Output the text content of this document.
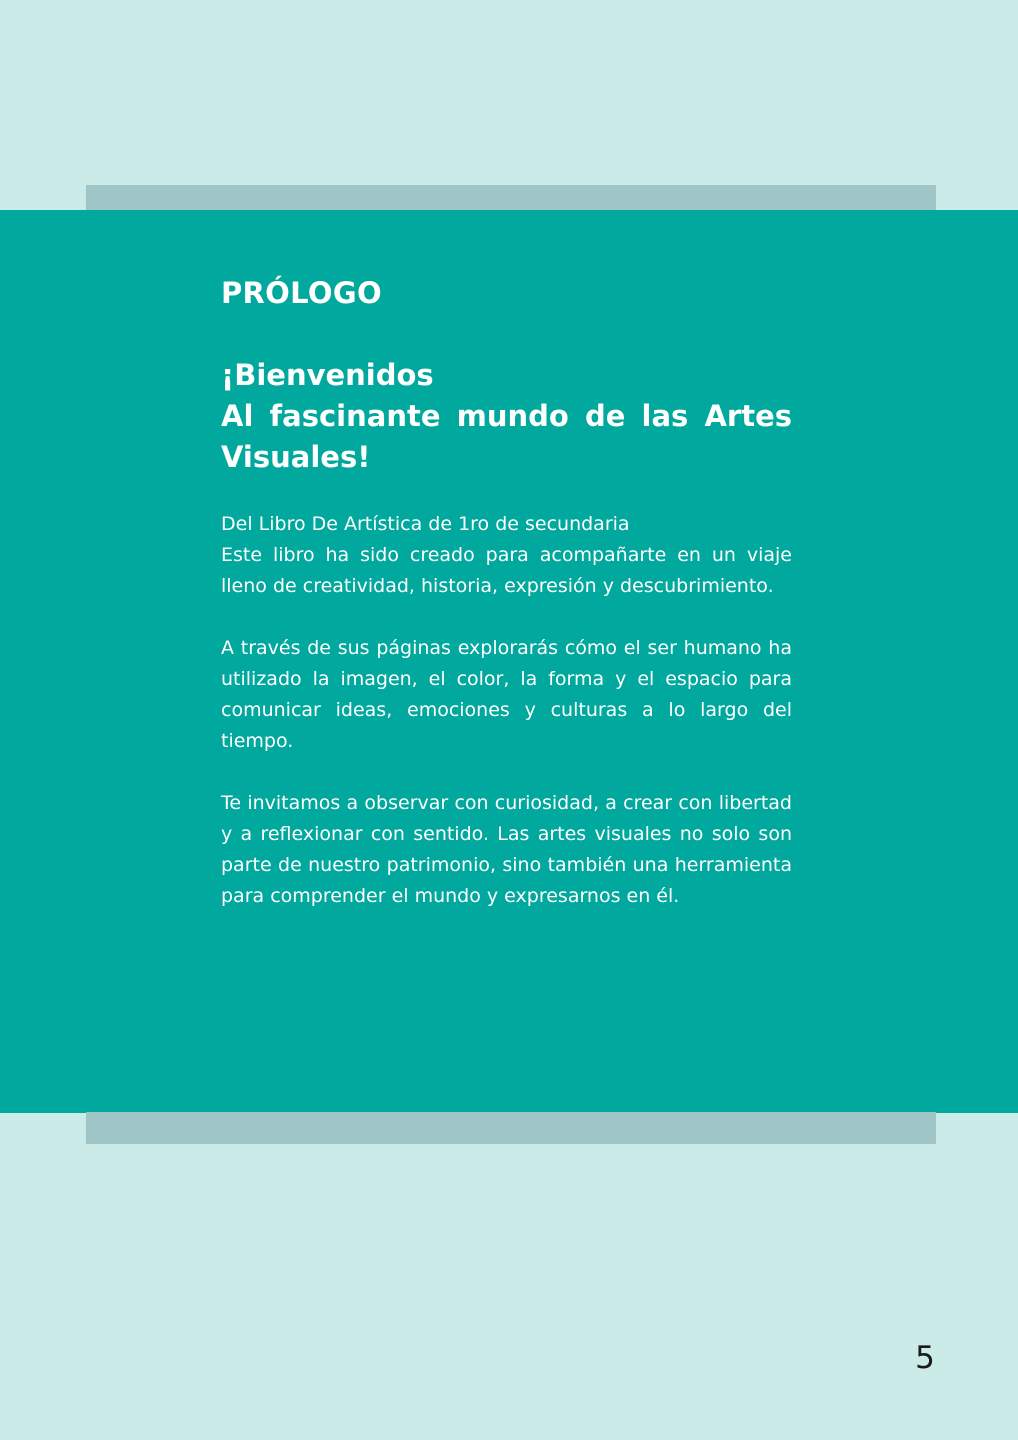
PRÓLOGO
¡Bienvenidos
Al fascinante mundo de las Artes Visuales!

Del Libro De Artística de 1ro de secundaria
Este libro ha sido creado para acompañarte en un viaje lleno de creatividad, historia, expresión y descubrimiento.

A través de sus páginas explorarás cómo el ser humano ha utilizado la imagen, el color, la forma y el espacio para comunicar ideas, emociones y culturas a lo largo del tiempo.

Te invitamos a observar con curiosidad, a crear con libertad y a reflexionar con sentido. Las artes visuales no solo son parte de nuestro patrimonio, sino también una herramienta para comprender el mundo y expresarnos en él.

5
